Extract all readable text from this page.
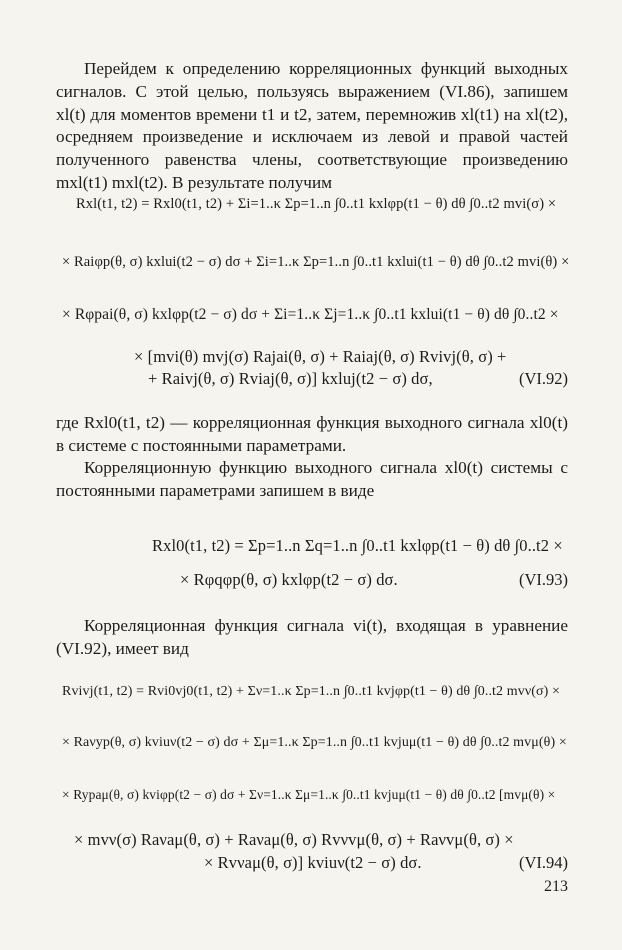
Перейдем к определению корреляционных функций выходных сигналов. С этой целью, пользуясь выражением (VI.86), запишем xl(t) для моментов времени t1 и t2, затем, перемножив xl(t1) на xl(t2), осредняем произведение и исключаем из левой и правой частей полученного равенства члены, соответствующие произведению mxl(t1) mxl(t2). В результате получим

Rxl(t1, t2) = Rxl0(t1, t2) + Σi=1..κ Σp=1..n ∫0..t1 kxlφp(t1 − θ) dθ ∫0..t2 mvi(σ) ×
× Raiφp(θ, σ) kxlui(t2 − σ) dσ + Σi=1..κ Σp=1..n ∫0..t1 kxlui(t1 − θ) dθ ∫0..t2 mvi(θ) ×
× Rφpai(θ, σ) kxlφp(t2 − σ) dσ + Σi=1..κ Σj=1..κ ∫0..t1 kxlui(t1 − θ) dθ ∫0..t2 ×
× [mvi(θ) mvj(σ) Rajai(θ, σ) + Raiaj(θ, σ) Rvivj(θ, σ) +
+ Raivj(θ, σ) Rviaj(θ, σ)] kxluj(t2 − σ) dσ,	(VI.92)

где Rxl0(t1, t2) — корреляционная функция выходного сигнала xl0(t) в системе с постоянными параметрами.

Корреляционную функцию выходного сигнала xl0(t) системы с постоянными параметрами запишем в виде

Rxl0(t1, t2) = Σp=1..n Σq=1..n ∫0..t1 kxlφp(t1 − θ) dθ ∫0..t2 ×
× Rφqφp(θ, σ) kxlφp(t2 − σ) dσ.	(VI.93)

Корреляционная функция сигнала vi(t), входящая в уравнение (VI.92), имеет вид

Rvivj(t1, t2) = Rvi0vj0(t1, t2) + Σν=1..κ Σp=1..n ∫0..t1 kvjφp(t1 − θ) dθ ∫0..t2 mvν(σ) ×
× Raνyp(θ, σ) kviuν(t2 − σ) dσ + Σμ=1..κ Σp=1..n ∫0..t1 kvjuμ(t1 − θ) dθ ∫0..t2 mvμ(θ) ×
× Rypaμ(θ, σ) kviφp(t2 − σ) dσ + Σν=1..κ Σμ=1..κ ∫0..t1 kvjuμ(t1 − θ) dθ ∫0..t2 [mvμ(θ) ×
× mvν(σ) Raνaμ(θ, σ) + Raνaμ(θ, σ) Rvνvμ(θ, σ) + Raνvμ(θ, σ) ×
× Rvνaμ(θ, σ)] kviuν(t2 − σ) dσ.	(VI.94)
213
